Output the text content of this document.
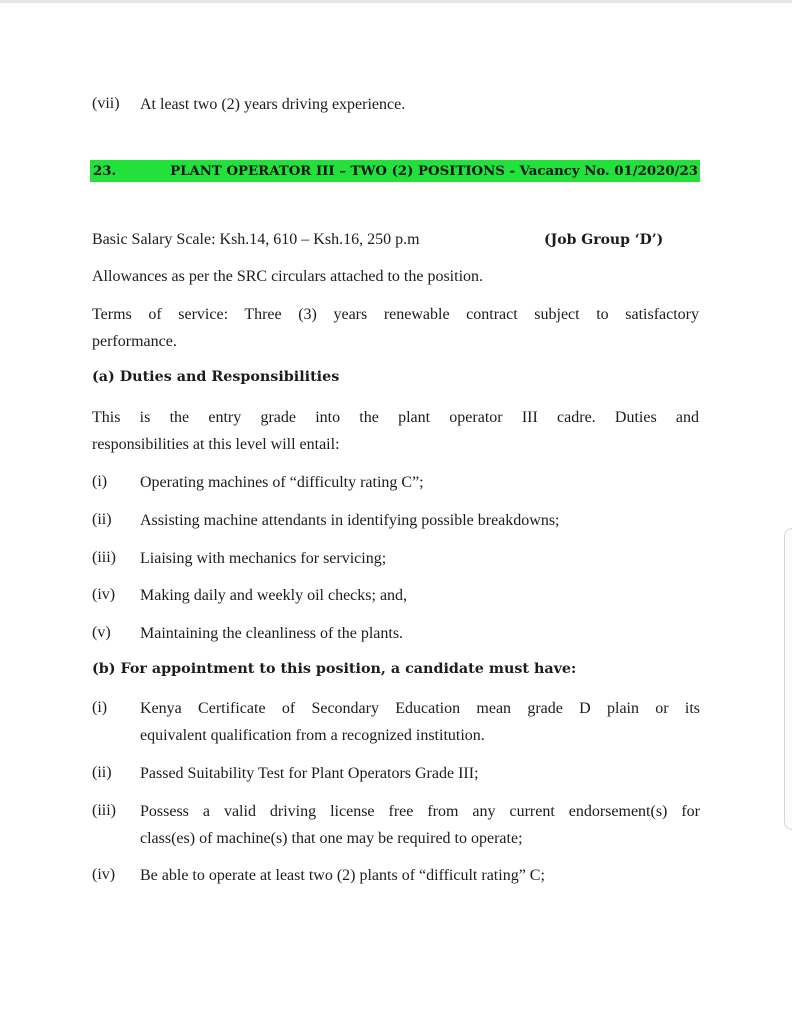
(vii) At least two (2) years driving experience.
23.	PLANT OPERATOR III – TWO (2) POSITIONS - Vacancy No. 01/2020/23
Basic Salary Scale: Ksh.14, 610 – Ksh.16, 250 p.m	(Job Group ‘D’)
Allowances as per the SRC circulars attached to the position.
Terms of service: Three (3) years renewable contract subject to satisfactory
performance.
(a) Duties and Responsibilities
This is the entry grade into the plant operator III cadre. Duties and
responsibilities at this level will entail:
(i) Operating machines of “difficulty rating C”;
(ii) Assisting machine attendants in identifying possible breakdowns;
(iii) Liaising with mechanics for servicing;
(iv) Making daily and weekly oil checks; and,
(v) Maintaining the cleanliness of the plants.
(b) For appointment to this position, a candidate must have:
(i) Kenya Certificate of Secondary Education mean grade D plain or its
equivalent qualification from a recognized institution.
(ii) Passed Suitability Test for Plant Operators Grade III;
(iii) Possess a valid driving license free from any current endorsement(s) for
class(es) of machine(s) that one may be required to operate;
(iv) Be able to operate at least two (2) plants of “difficult rating” C;
